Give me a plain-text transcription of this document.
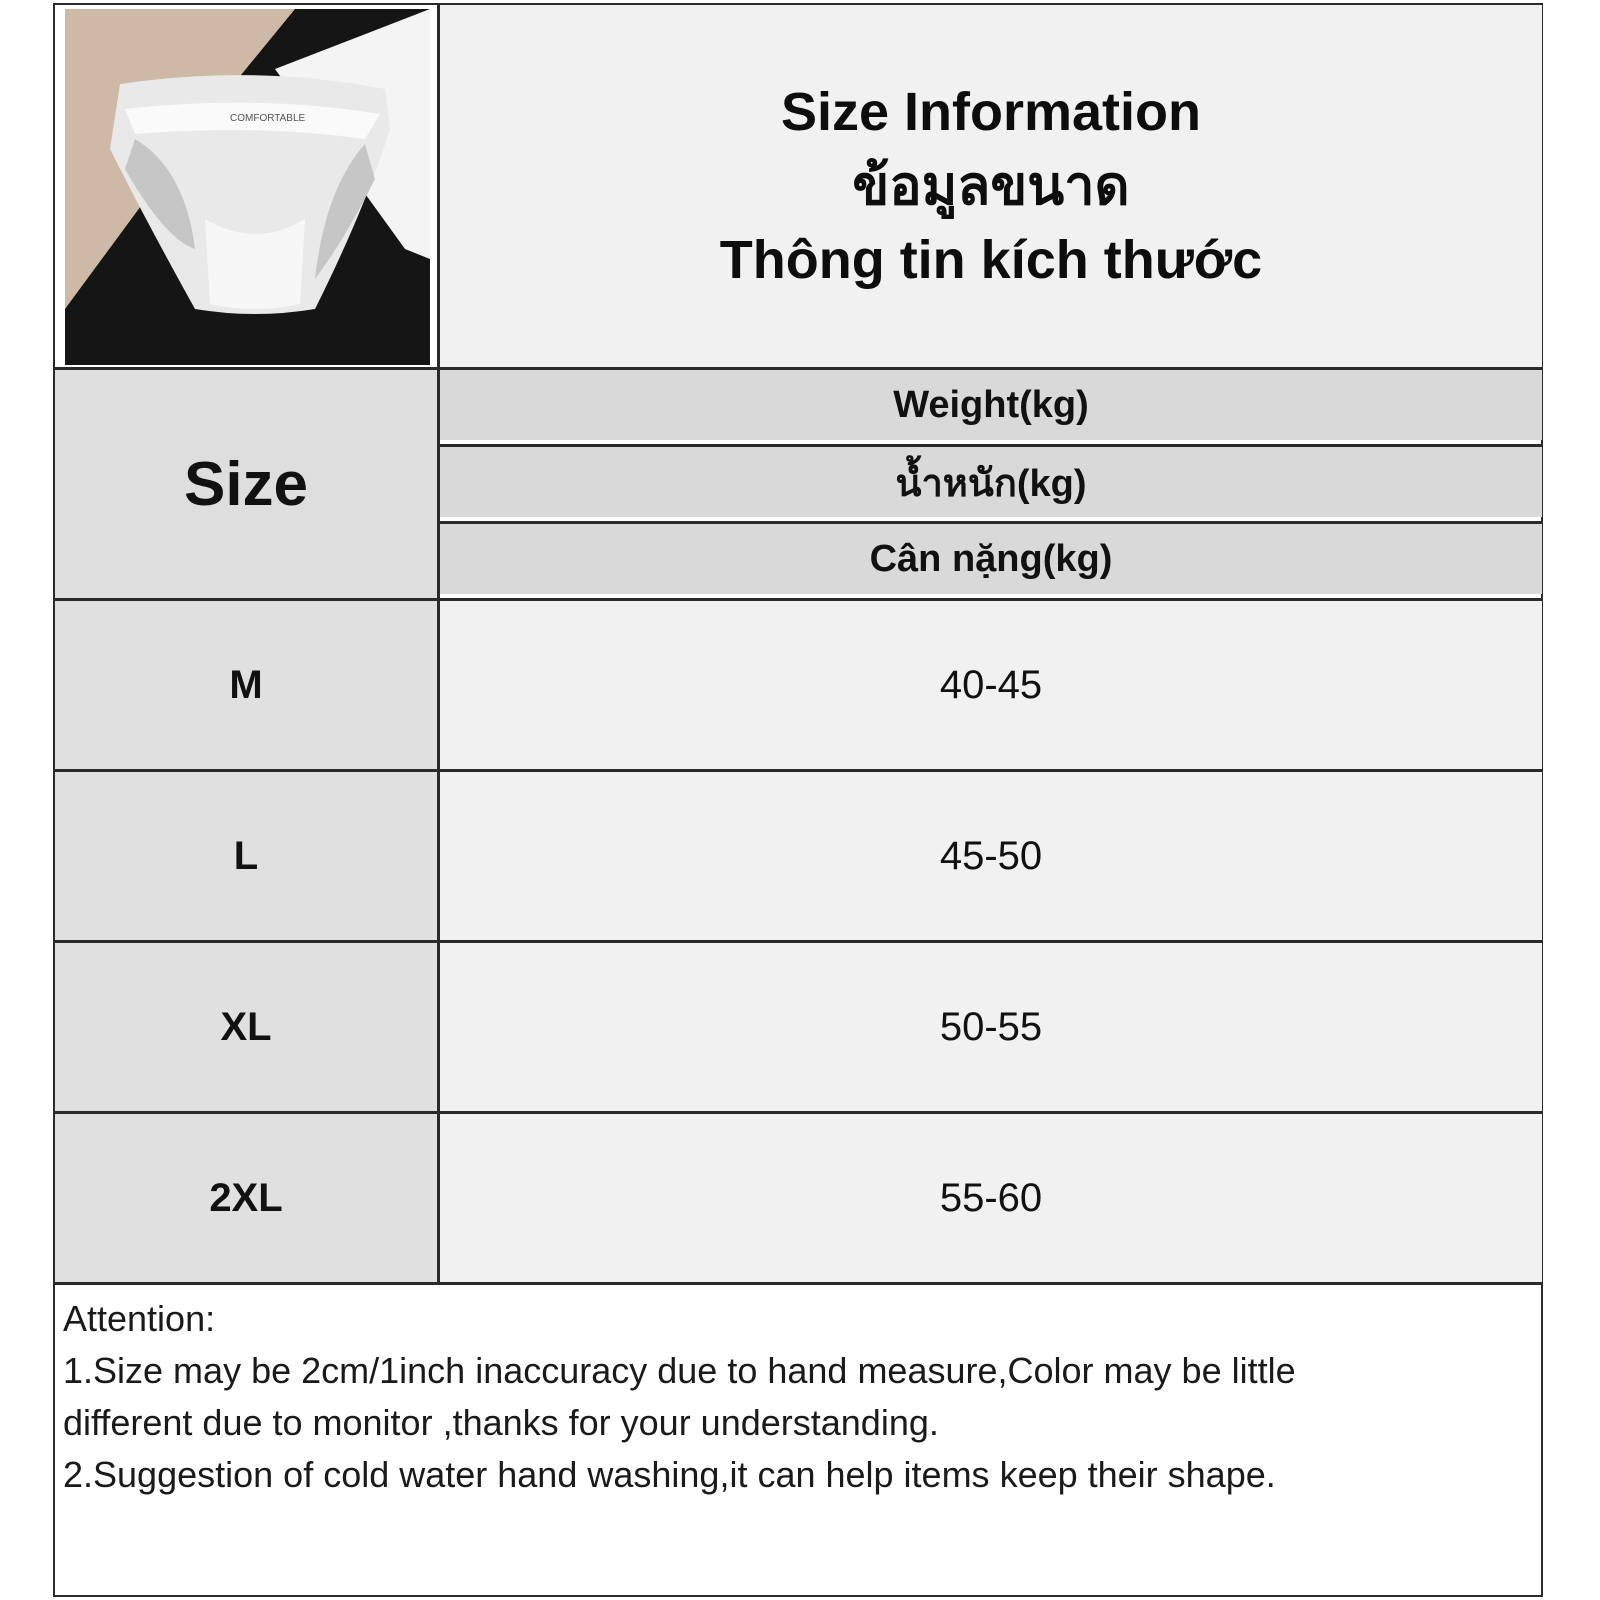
COMFORTABLE	Size Information
ข้อมูลขนาด
Thông tin kích thước
Size
Weight(kg)
น้ำหนัก(kg)
Cân nặng(kg)
M	40-45
L	45-50
XL	50-55
2XL	55-60
Attention:
1.Size may be 2cm/1inch inaccuracy due to hand measure,Color may be little
different due to monitor ,thanks for your understanding.
2.Suggestion of cold water hand washing,it can help items keep their shape.
